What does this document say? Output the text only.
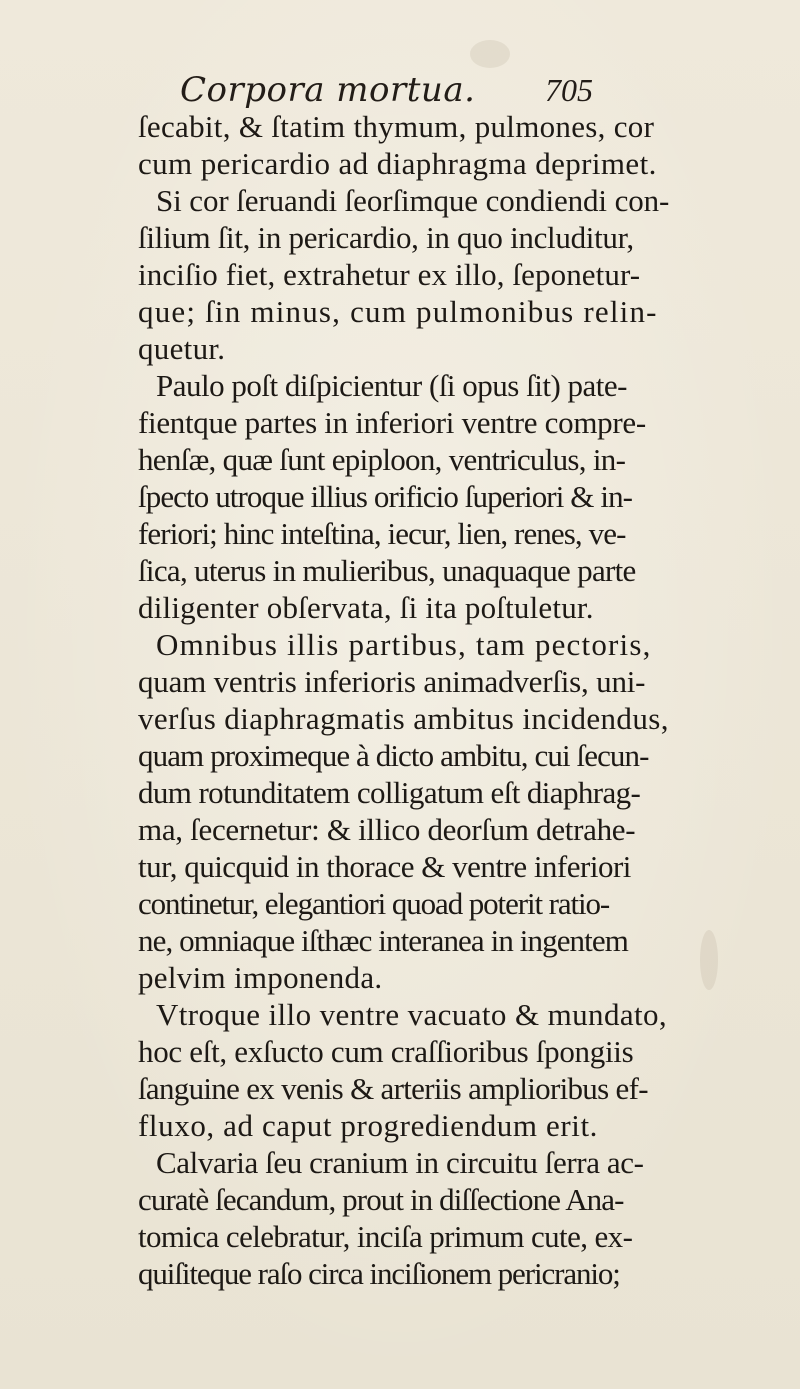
Corpora mortua. 705
ſecabit, & ſtatim thymum, pulmones, cor
cum pericardio ad diaphragma deprimet.
Si cor ſeruandi ſeorſimque condiendi con-
ſilium ſit, in pericardio, in quo includitur,
inciſio fiet, extrahetur ex illo, ſeponetur-
que; ſin minus, cum pulmonibus relin-
quetur.
Paulo poſt diſpicientur (ſi opus ſit) pate-
fientque partes in inferiori ventre compre-
henſæ, quæ ſunt epiploon, ventriculus, in-
ſpecto utroque illius orificio ſuperiori & in-
feriori; hinc inteſtina, iecur, lien, renes, ve-
ſica, uterus in mulieribus, unaquaque parte
diligenter obſervata, ſi ita poſtuletur.
Omnibus illis partibus, tam pectoris,
quam ventris inferioris animadverſis, uni-
verſus diaphragmatis ambitus incidendus,
quam proximeque à dicto ambitu, cui ſecun-
dum rotunditatem colligatum eſt diaphrag-
ma, ſecernetur: & illico deorſum detrahe-
tur, quicquid in thorace & ventre inferiori
continetur, elegantiori quoad poterit ratio-
ne, omniaque iſthæc interanea in ingentem
pelvim imponenda.
Vtroque illo ventre vacuato & mundato,
hoc eſt, exſucto cum craſſioribus ſpongiis
ſanguine ex venis & arteriis amplioribus ef-
fluxo, ad caput progrediendum erit.
Calvaria ſeu cranium in circuitu ſerra ac-
curatè ſecandum, prout in diſſectione Ana-
tomica celebratur, inciſa primum cute, ex-
quiſiteque raſo circa inciſionem pericranio;
